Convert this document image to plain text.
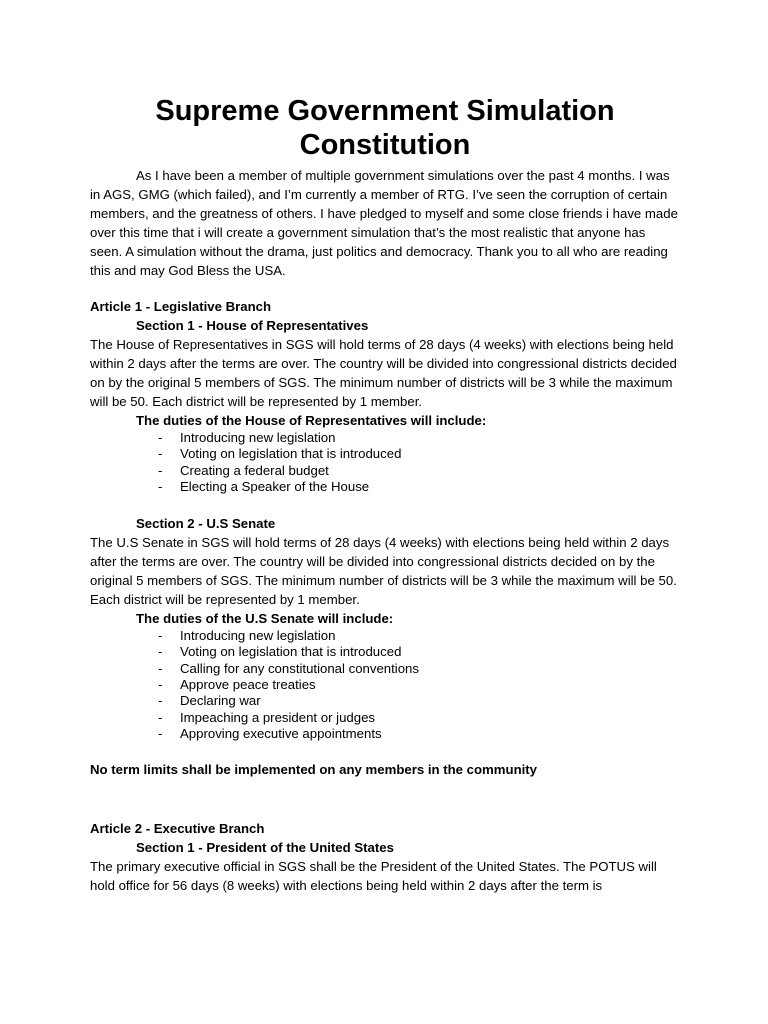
Supreme Government Simulation Constitution

As I have been a member of multiple government simulations over the past 4 months. I was in AGS, GMG (which failed), and I’m currently a member of RTG. I’ve seen the corruption of certain members, and the greatness of others. I have pledged to myself and some close friends i have made over this time that i will create a government simulation that’s the most realistic that anyone has seen. A simulation without the drama, just politics and democracy. Thank you to all who are reading this and may God Bless the USA.

Article 1 - Legislative Branch

Section 1 - House of Representatives

The House of Representatives in SGS will hold terms of 28 days (4 weeks) with elections being held within 2 days after the terms are over. The country will be divided into congressional districts decided on by the original 5 members of SGS. The minimum number of districts will be 3 while the maximum will be 50. Each district will be represented by 1 member.

The duties of the House of Representatives will include:

- Introducing new legislation
- Voting on legislation that is introduced
- Creating a federal budget
- Electing a Speaker of the House

Section 2 - U.S Senate

The U.S Senate in SGS will hold terms of 28 days (4 weeks) with elections being held within 2 days after the terms are over. The country will be divided into congressional districts decided on by the original 5 members of SGS. The minimum number of districts will be 3 while the maximum will be 50. Each district will be represented by 1 member.

The duties of the U.S Senate will include:

- Introducing new legislation
- Voting on legislation that is introduced
- Calling for any constitutional conventions
- Approve peace treaties
- Declaring war
- Impeaching a president or judges
- Approving executive appointments

No term limits shall be implemented on any members in the community

Article 2 - Executive Branch

Section 1 - President of the United States

The primary executive official in SGS shall be the President of the United States. The POTUS will hold office for 56 days (8 weeks) with elections being held within 2 days after the term is
